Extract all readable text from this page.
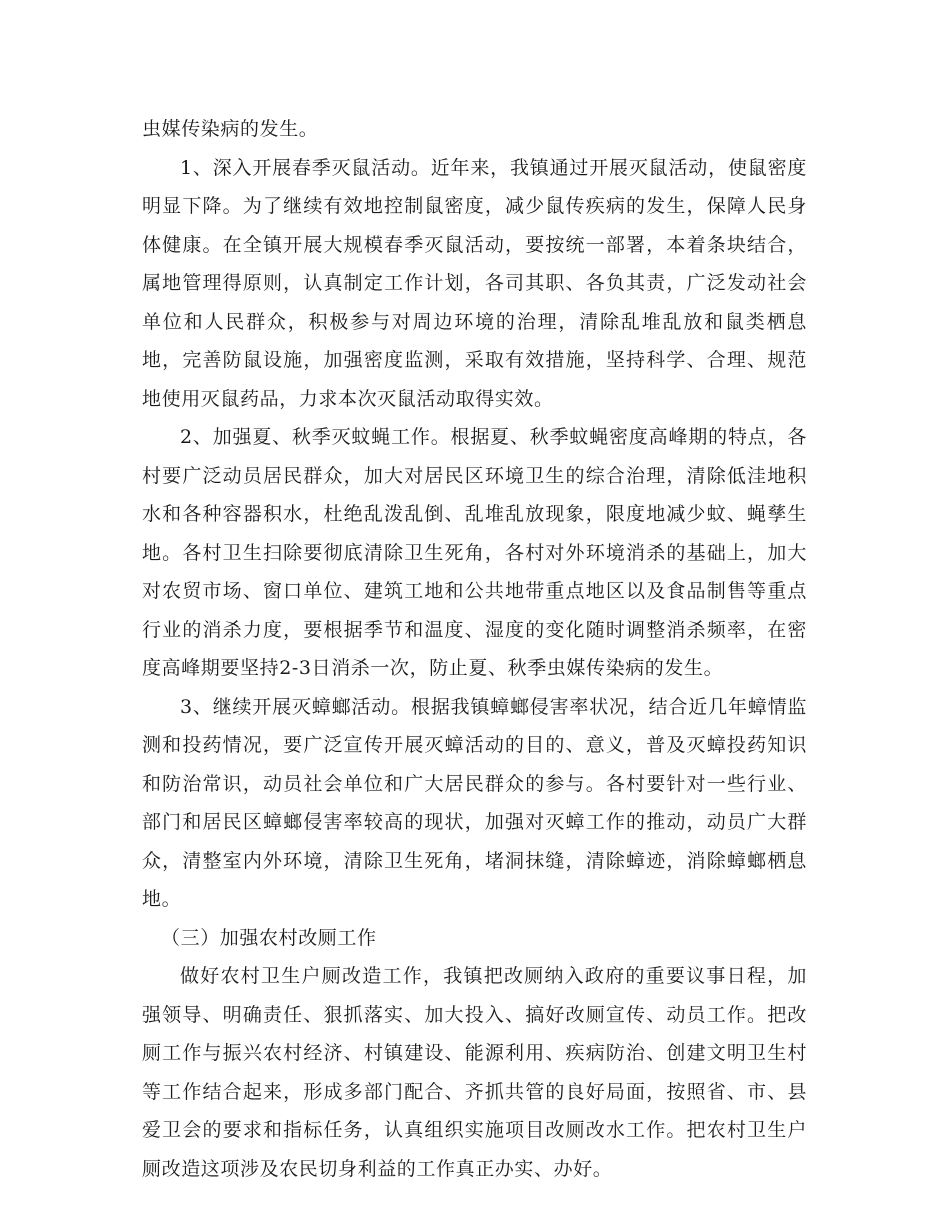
虫媒传染病的发生。

1、深入开展春季灭鼠活动。近年来，我镇通过开展灭鼠活动，使鼠密度明显下降。为了继续有效地控制鼠密度，减少鼠传疾病的发生，保障人民身体健康。在全镇开展大规模春季灭鼠活动，要按统一部署，本着条块结合，属地管理得原则，认真制定工作计划，各司其职、各负其责，广泛发动社会单位和人民群众，积极参与对周边环境的治理，清除乱堆乱放和鼠类栖息地，完善防鼠设施，加强密度监测，采取有效措施，坚持科学、合理、规范地使用灭鼠药品，力求本次灭鼠活动取得实效。

2、加强夏、秋季灭蚊蝇工作。根据夏、秋季蚊蝇密度高峰期的特点，各村要广泛动员居民群众，加大对居民区环境卫生的综合治理，清除低洼地积水和各种容器积水，杜绝乱泼乱倒、乱堆乱放现象，限度地减少蚊、蝇孳生地。各村卫生扫除要彻底清除卫生死角，各村对外环境消杀的基础上，加大对农贸市场、窗口单位、建筑工地和公共地带重点地区以及食品制售等重点行业的消杀力度，要根据季节和温度、湿度的变化随时调整消杀频率，在密度高峰期要坚持2-3日消杀一次，防止夏、秋季虫媒传染病的发生。

3、继续开展灭蟑螂活动。根据我镇蟑螂侵害率状况，结合近几年蟑情监测和投药情况，要广泛宣传开展灭蟑活动的目的、意义，普及灭蟑投药知识和防治常识，动员社会单位和广大居民群众的参与。各村要针对一些行业、部门和居民区蟑螂侵害率较高的现状，加强对灭蟑工作的推动，动员广大群众，清整室内外环境，清除卫生死角，堵洞抹缝，清除蟑迹，消除蟑螂栖息地。

（三）加强农村改厕工作

做好农村卫生户厕改造工作，我镇把改厕纳入政府的重要议事日程，加强领导、明确责任、狠抓落实、加大投入、搞好改厕宣传、动员工作。把改厕工作与振兴农村经济、村镇建设、能源利用、疾病防治、创建文明卫生村等工作结合起来，形成多部门配合、齐抓共管的良好局面，按照省、市、县爱卫会的要求和指标任务，认真组织实施项目改厕改水工作。把农村卫生户厕改造这项涉及农民切身利益的工作真正办实、办好。
